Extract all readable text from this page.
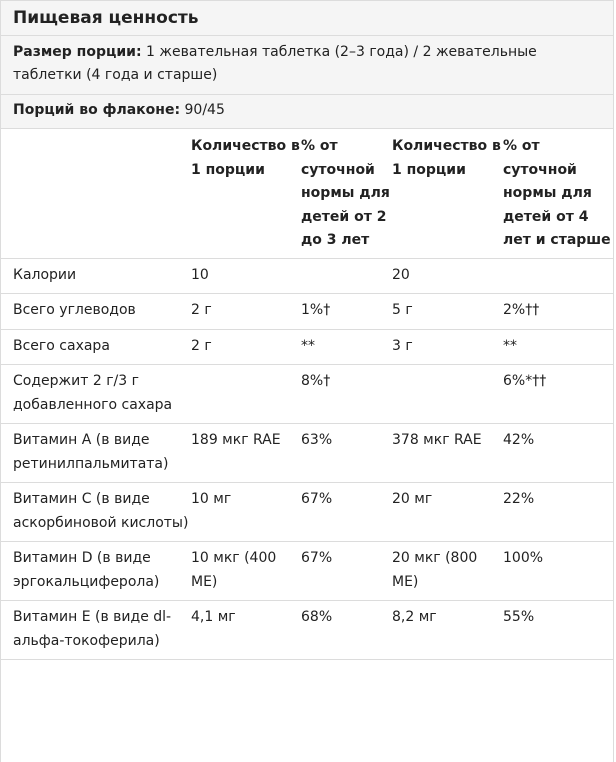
Пищевая ценность
Размер порции: 1 жевательная таблетка (2–3 года) / 2 жевательные таблетки (4 года и старше)
Порций во флаконе: 90/45
	Количество в 1 порции	% от суточной нормы для детей от 2 до 3 лет	Количество в 1 порции	% от суточной нормы для детей от 4 лет и старше
Калории	10		20	
Всего углеводов	2 г	1%†	5 г	2%††
Всего сахара	2 г	**	3 г	**
Содержит 2 г/3 г добавленного сахара		8%†		6%*††
Витамин A (в виде ретинилпальмитата)	189 мкг RAE	63%	378 мкг RAE	42%
Витамин C (в виде аскорбиновой кислоты)	10 мг	67%	20 мг	22%
Витамин D (в виде эргокальциферола)	10 мкг (400 МЕ)	67%	20 мкг (800 МЕ)	100%
Витамин E (в виде dl-альфа-токоферила)	4,1 мг	68%	8,2 мг	55%
